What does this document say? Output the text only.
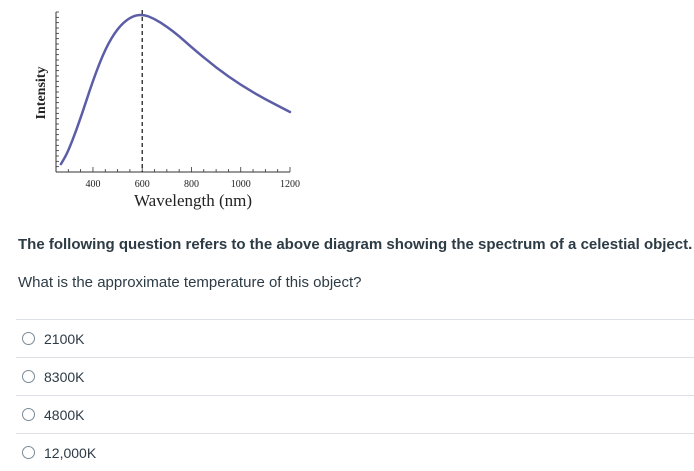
400	600	800	1000	1200
Wavelength (nm)
Intensity
The following question refers to the above diagram showing the spectrum of a celestial object.
What is the approximate temperature of this object?
2100K
8300K
4800K
12,000K
